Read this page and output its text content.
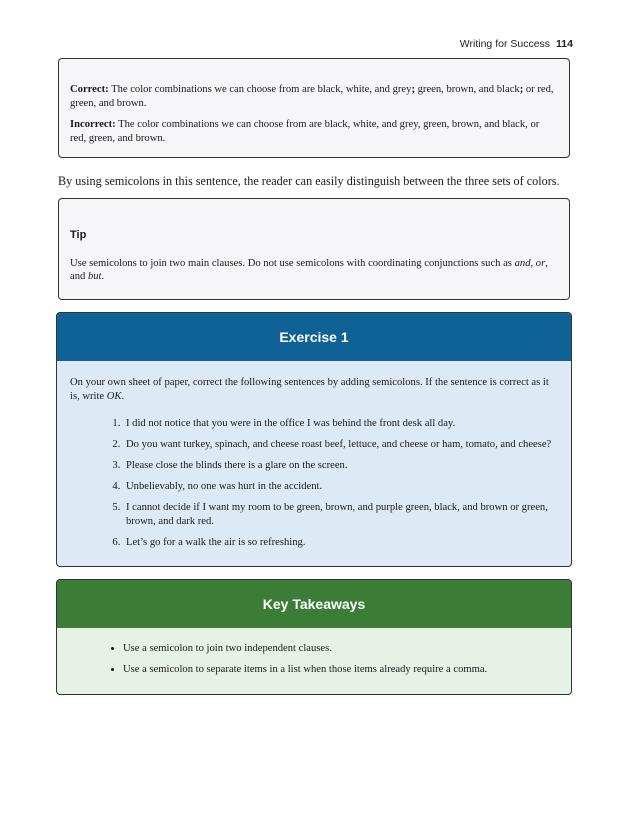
Writing for Success 114

Correct: The color combinations we can choose from are black, white, and grey; green, brown, and black; or red, green, and brown.

Incorrect: The color combinations we can choose from are black, white, and grey, green, brown, and black, or red, green, and brown.

By using semicolons in this sentence, the reader can easily distinguish between the three sets of colors.
Tip
Use semicolons to join two main clauses. Do not use semicolons with coordinating conjunctions such as and, or, and but.
Exercise 1
On your own sheet of paper, correct the following sentences by adding semicolons. If the sentence is correct as it is, write OK.
1. I did not notice that you were in the office I was behind the front desk all day.
2. Do you want turkey, spinach, and cheese roast beef, lettuce, and cheese or ham, tomato, and cheese?
3. Please close the blinds there is a glare on the screen.
4. Unbelievably, no one was hurt in the accident.
5. I cannot decide if I want my room to be green, brown, and purple green, black, and brown or green, brown, and dark red.
6. Let’s go for a walk the air is so refreshing.
Key Takeaways
• Use a semicolon to join two independent clauses.
• Use a semicolon to separate items in a list when those items already require a comma.
